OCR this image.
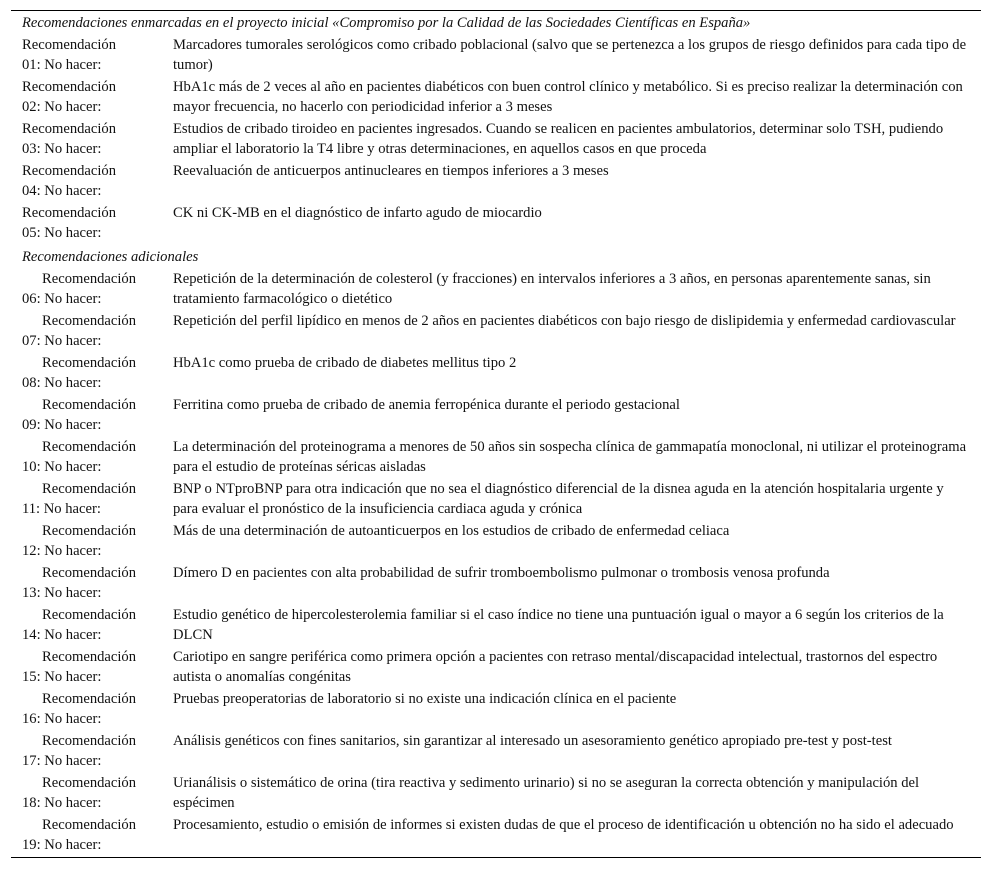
Recomendaciones enmarcadas en el proyecto inicial «Compromiso por la Calidad de las Sociedades Científicas en España»	

Recomendación
01: No hacer:	Marcadores tumorales serológicos como cribado poblacional (salvo que se pertenezca a los grupos de riesgo definidos para cada tipo de tumor)

Recomendación
02: No hacer:	HbA1c más de 2 veces al año en pacientes diabéticos con buen control clínico y metabólico. Si es preciso realizar la determinación con mayor frecuencia, no hacerlo con periodicidad inferior a 3 meses

Recomendación
03: No hacer:	Estudios de cribado tiroideo en pacientes ingresados. Cuando se realicen en pacientes ambulatorios, determinar solo TSH, pudiendo ampliar el laboratorio la T4 libre y otras determinaciones, en aquellos casos en que proceda

Recomendación
04: No hacer:	Reevaluación de anticuerpos antinucleares en tiempos inferiores a 3 meses

Recomendación
05: No hacer:	CK ni CK-MB en el diagnóstico de infarto agudo de miocardio
Recomendaciones adicionales	

Recomendación
06: No hacer:	Repetición de la determinación de colesterol (y fracciones) en intervalos inferiores a 3 años, en personas aparentemente sanas, sin tratamiento farmacológico o dietético

Recomendación
07: No hacer:	Repetición del perfil lipídico en menos de 2 años en pacientes diabéticos con bajo riesgo de dislipidemia y enfermedad cardiovascular

Recomendación
08: No hacer:	HbA1c como prueba de cribado de diabetes mellitus tipo 2

Recomendación
09: No hacer:	Ferritina como prueba de cribado de anemia ferropénica durante el periodo gestacional

Recomendación
10: No hacer:	La determinación del proteinograma a menores de 50 años sin sospecha clínica de gammapatía monoclonal, ni utilizar el proteinograma para el estudio de proteínas séricas aisladas

Recomendación
11: No hacer:	BNP o NTproBNP para otra indicación que no sea el diagnóstico diferencial de la disnea aguda en la atención hospitalaria urgente y para evaluar el pronóstico de la insuficiencia cardiaca aguda y crónica

Recomendación
12: No hacer:	Más de una determinación de autoanticuerpos en los estudios de cribado de enfermedad celiaca

Recomendación
13: No hacer:	Dímero D en pacientes con alta probabilidad de sufrir tromboembolismo pulmonar o trombosis venosa profunda

Recomendación
14: No hacer:	Estudio genético de hipercolesterolemia familiar si el caso índice no tiene una puntuación igual o mayor a 6 según los criterios de la DLCN

Recomendación
15: No hacer:	Cariotipo en sangre periférica como primera opción a pacientes con retraso mental/discapacidad intelectual, trastornos del espectro autista o anomalías congénitas

Recomendación
16: No hacer:	Pruebas preoperatorias de laboratorio si no existe una indicación clínica en el paciente

Recomendación
17: No hacer:	Análisis genéticos con fines sanitarios, sin garantizar al interesado un asesoramiento genético apropiado pre-test y post-test

Recomendación
18: No hacer:	Urianálisis o sistemático de orina (tira reactiva y sedimento urinario) si no se aseguran la correcta obtención y manipulación del espécimen

Recomendación
19: No hacer:	Procesamiento, estudio o emisión de informes si existen dudas de que el proceso de identificación u obtención no ha sido el adecuado
